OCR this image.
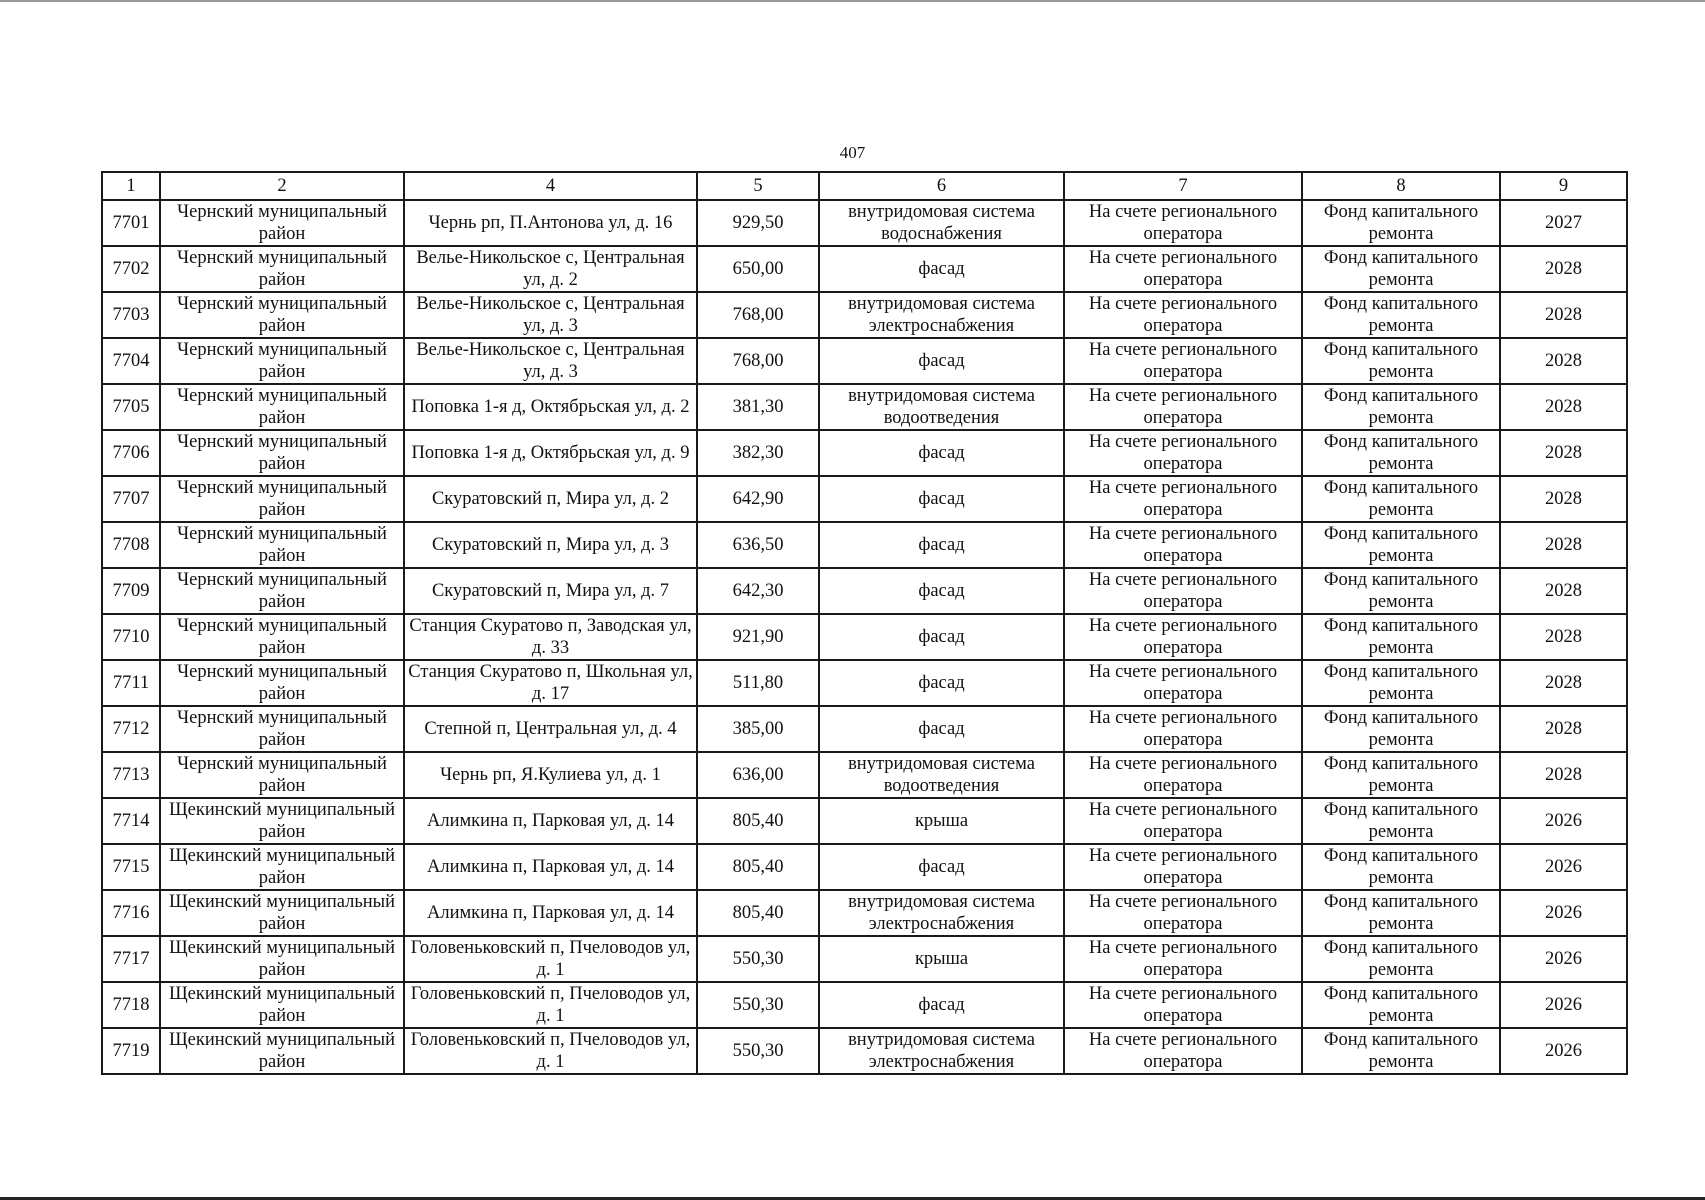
407
1	2	4	5	6	7	8	9
7701	Чернский муниципальный район	Чернь рп, П.Антонова ул, д. 16	929,50	внутридомовая система водоснабжения	На счете регионального оператора	Фонд капитального ремонта	2027
7702	Чернский муниципальный район	Велье-Никольское с, Центральная ул, д. 2	650,00	фасад	На счете регионального оператора	Фонд капитального ремонта	2028
7703	Чернский муниципальный район	Велье-Никольское с, Центральная ул, д. 3	768,00	внутридомовая система электроснабжения	На счете регионального оператора	Фонд капитального ремонта	2028
7704	Чернский муниципальный район	Велье-Никольское с, Центральная ул, д. 3	768,00	фасад	На счете регионального оператора	Фонд капитального ремонта	2028
7705	Чернский муниципальный район	Поповка 1-я д, Октябрьская ул, д. 2	381,30	внутридомовая система водоотведения	На счете регионального оператора	Фонд капитального ремонта	2028
7706	Чернский муниципальный район	Поповка 1-я д, Октябрьская ул, д. 9	382,30	фасад	На счете регионального оператора	Фонд капитального ремонта	2028
7707	Чернский муниципальный район	Скуратовский п, Мира ул, д. 2	642,90	фасад	На счете регионального оператора	Фонд капитального ремонта	2028
7708	Чернский муниципальный район	Скуратовский п, Мира ул, д. 3	636,50	фасад	На счете регионального оператора	Фонд капитального ремонта	2028
7709	Чернский муниципальный район	Скуратовский п, Мира ул, д. 7	642,30	фасад	На счете регионального оператора	Фонд капитального ремонта	2028
7710	Чернский муниципальный район	Станция Скуратово п, Заводская ул, д. 33	921,90	фасад	На счете регионального оператора	Фонд капитального ремонта	2028
7711	Чернский муниципальный район	Станция Скуратово п, Школьная ул, д. 17	511,80	фасад	На счете регионального оператора	Фонд капитального ремонта	2028
7712	Чернский муниципальный район	Степной п, Центральная ул, д. 4	385,00	фасад	На счете регионального оператора	Фонд капитального ремонта	2028
7713	Чернский муниципальный район	Чернь рп, Я.Кулиева ул, д. 1	636,00	внутридомовая система водоотведения	На счете регионального оператора	Фонд капитального ремонта	2028
7714	Щекинский муниципальный район	Алимкина п, Парковая ул, д. 14	805,40	крыша	На счете регионального оператора	Фонд капитального ремонта	2026
7715	Щекинский муниципальный район	Алимкина п, Парковая ул, д. 14	805,40	фасад	На счете регионального оператора	Фонд капитального ремонта	2026
7716	Щекинский муниципальный район	Алимкина п, Парковая ул, д. 14	805,40	внутридомовая система электроснабжения	На счете регионального оператора	Фонд капитального ремонта	2026
7717	Щекинский муниципальный район	Головеньковский п, Пчеловодов ул, д. 1	550,30	крыша	На счете регионального оператора	Фонд капитального ремонта	2026
7718	Щекинский муниципальный район	Головеньковский п, Пчеловодов ул, д. 1	550,30	фасад	На счете регионального оператора	Фонд капитального ремонта	2026
7719	Щекинский муниципальный район	Головеньковский п, Пчеловодов ул, д. 1	550,30	внутридомовая система электроснабжения	На счете регионального оператора	Фонд капитального ремонта	2026
